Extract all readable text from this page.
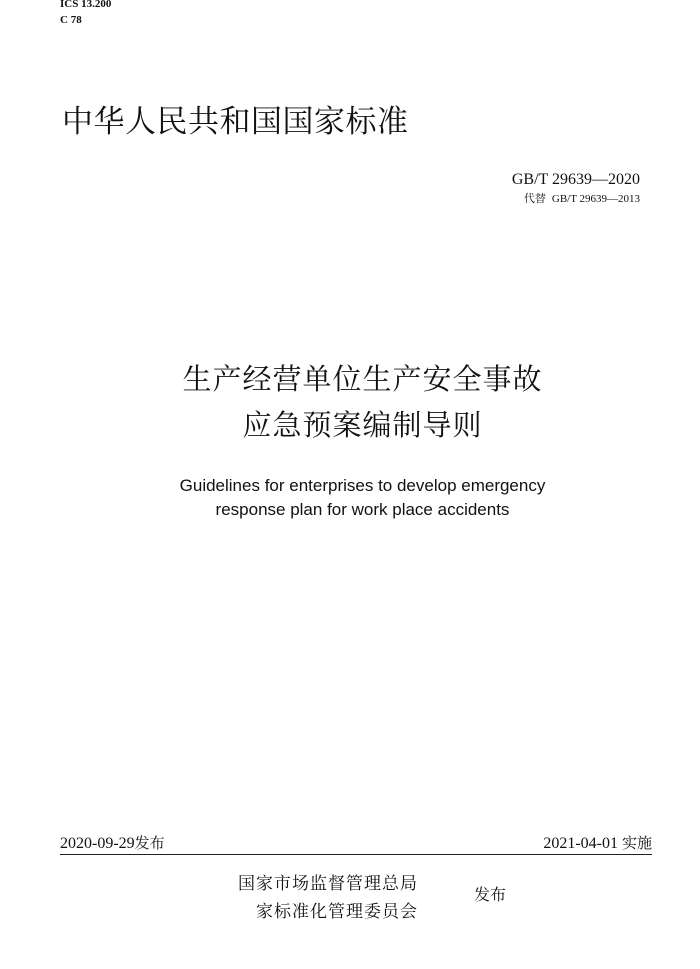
ICS 13.200
C 78
中华人民共和国国家标准
GB/T 29639—2020
代替 GB/T 29639—2013
生产经营单位生产安全事故
应急预案编制导则
Guidelines for enterprises to develop emergency
response plan for work place accidents
2020-09-29发布	2021-04-01 实施
国家市场监督管理总局
家标准化管理委员会
发布
